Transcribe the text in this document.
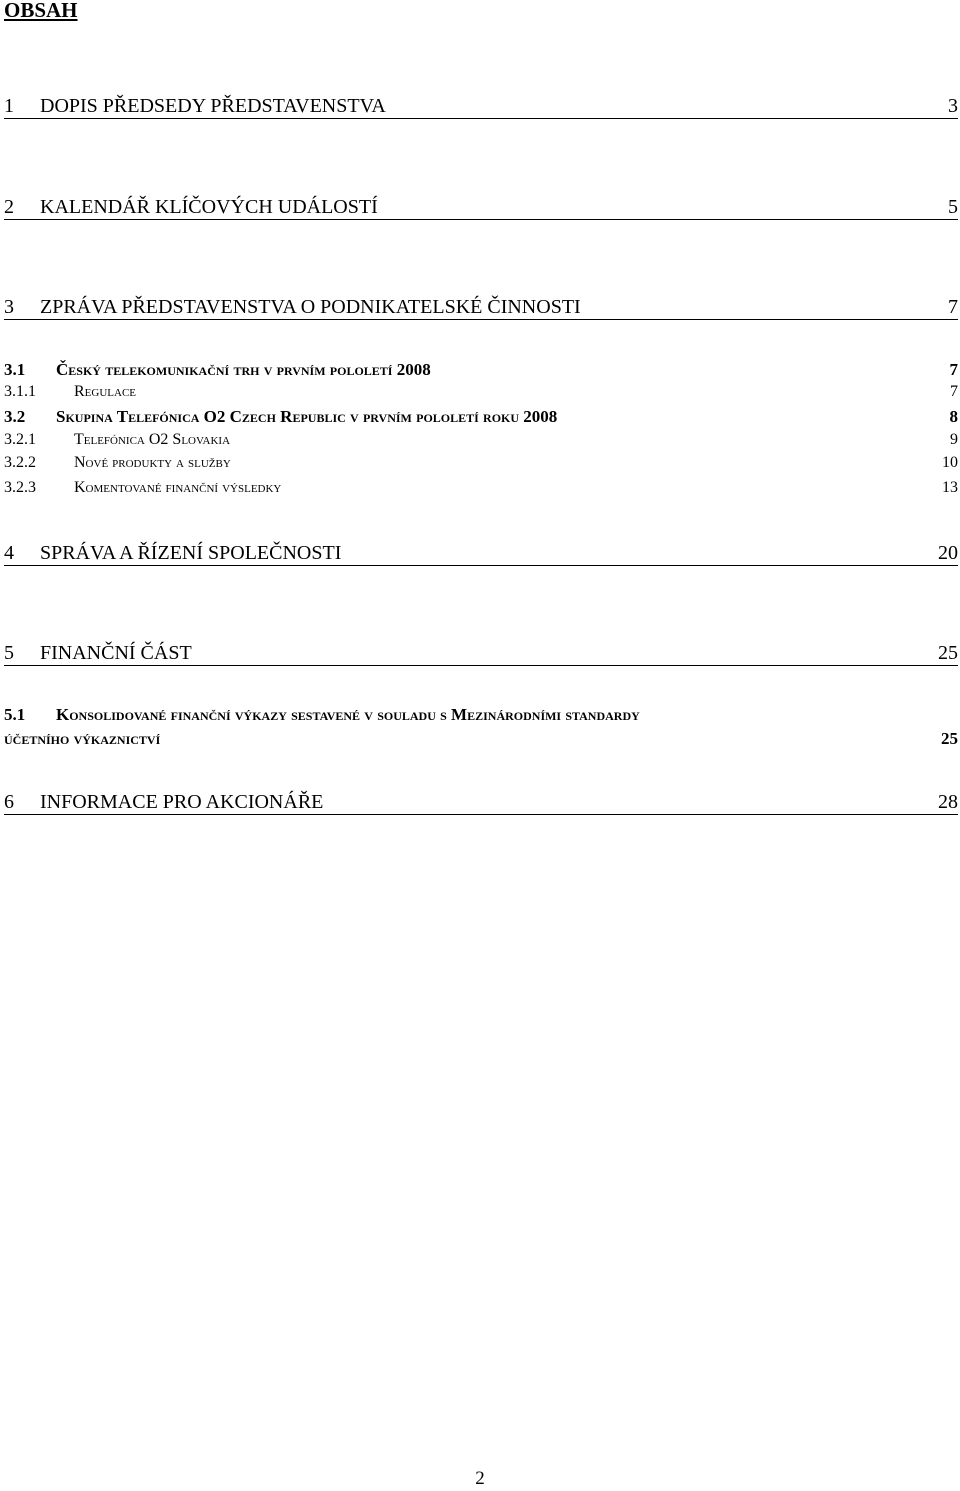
OBSAH
1 DOPIS PŘEDSEDY PŘEDSTAVENSTVA	3
2 KALENDÁŘ KLÍČOVÝCH UDÁLOSTÍ	5
3 ZPRÁVA PŘEDSTAVENSTVA O PODNIKATELSKÉ ČINNOSTI	7
3.1 Český telekomunikační trh v prvním pololetí 2008	7
3.1.1 Regulace	7
3.2 Skupina Telefónica O2 Czech Republic v prvním pololetí roku 2008	8
3.2.1 Telefónica O2 Slovakia	9
3.2.2 Nové produkty a služby	10
3.2.3 Komentované finanční výsledky	13
4 SPRÁVA A ŘÍZENÍ SPOLEČNOSTI	20
5 FINANČNÍ ČÁST	25
5.1 Konsolidované finanční výkazy sestavené v souladu s Mezinárodními standardy
účetního výkaznictví	25
6 INFORMACE PRO AKCIONÁŘE	28
2
